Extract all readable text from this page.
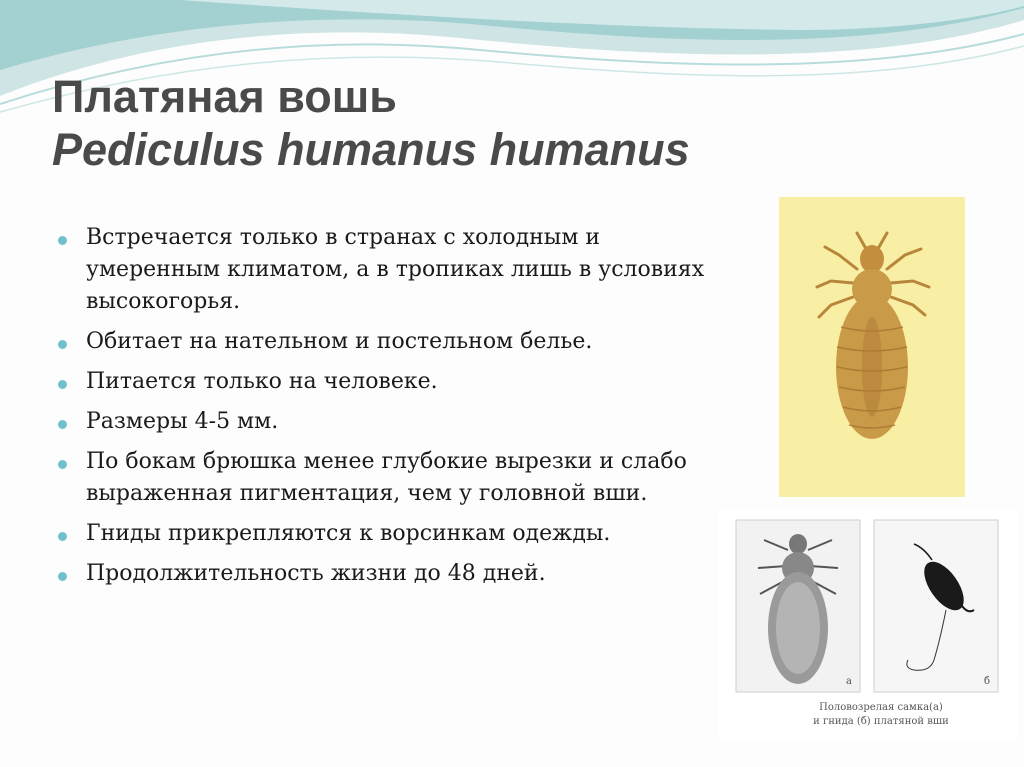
Платяная вошь
Pediculus humanus humanus
Встречается только в странах с холодным и умеренным климатом, а в тропиках лишь в условиях высокогорья.
Обитает на нательном и постельном белье.
Питается только на человеке.
Размеры 4-5 мм.
По бокам брюшка менее глубокие вырезки и слабо выраженная пигментация, чем у головной вши.
Гниды прикрепляются к ворсинкам одежды.
Продолжительность жизни до 48 дней.
а	б
Половозрелая самка(а)
и гнида (б) платяной вши
